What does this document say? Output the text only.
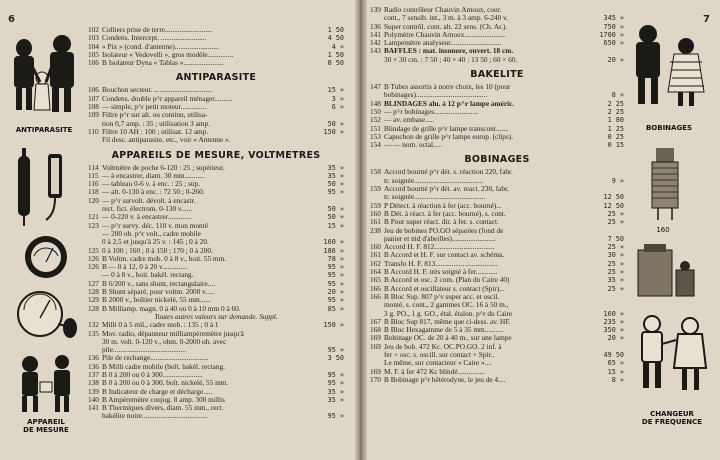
6
ANTIPARASITE
APPAREIL
DE MESURE
102 Colliers prise de terre..........................	1 50
103 Condens. Intercept. .........................	4 50
104 « Pix » (cond. d'antenne)........................	4 »
105 Isolateur « Vedovelli », gros modèle..............	1 50
106 B Isolateur Dyna « Tablas »......................	0 50
ANTIPARASITE
106 Bouchon secteur. ................................	15 »
107 Condens. double p^r appareil ménager..........	3 »
108 — simple, p^r petit moteur..............	6 »
109 Filtre p^r sur alt. ou continu, utilisa-
tion 0,7 amp. : 35 ; utilisation 3 amp.	50 »
110 Filtre 10 AH : 100 ; utilisat. 12 amp.	150 »
Fil desc. antiparasite, etc., voir « Antenne ».
APPAREILS DE MESURE, VOLTMETRES
114 Voltmètre de poche 6-120 : 25 ; supérieur.	35 »
115 — à encastrer, diam. 30 mm...........	35 »
116 — tableau 0-6 v. à enc. : 25 ; sup.	50 »
118 — alt. 0-130 à enc. : 72 50 ; 0-260.	95 »
120 — p^r survolt. dévolt. à encastr.
rect. fict. électrom. 0-130 v......	50 »
121 — 0-220 v. à encastrer.............	50 »
123 — p^r survy. déc. 110 v. mon monté	15 »
— 200 ob. p^r volt., cadre mobile
0 à 2,5 et jusqu'à 25 v. : 145 ; 0 à 20.	160 »
125 0 à 100 ; 160 ; 0 à 150 ; 170 ; 0 à 200.	186 »
126 B Voltm. cadre mob. 0 à 8 v., boit. 55 mm.	78 »
126 B — 0 à 12, 0 à 20 v..............	95 »
— 0 à 8 v., boit. bakél. rectang.	95 »
127 B 6/200 v., sans shunt, rectangulaire....	95 »
128 B Shunt séparé, pour voltm. 2000 v.....	20 »
129 B 2000 v., boîtier nickelé, 55 mm......	95 »
128 B Milliamp. magn. 0 à 40 ou 0 à 10 mm 0 à 60.	85 »
Toutes autres valeurs sur demande. Suppl.
132 Milli 0 à 5 mil., cadre mob. : 135 ; 0 à 1	150 »
135 Mov. radio, dépanneur milliampèremètre jusqu'à
30 m. volt. 0-120 v., ohm. 0-2000 oh. avec
pile........................................	95 »
136 Pile de rechange................................	3 50
136 B Milli cadre mobile (boît. bakél. rectang.
137 B 0 à 200 ou 0 à 300......................	95 »
138 B 0 à 200 ou 0 à 300, boît. nickelé, 55 mm.	95 »
139 B Indicateur de charge et décharge.....	35 »
140 B Ampèremètre coujug. 8 amp. 300 millis	35 »
141 B Thermiques divers, diam. 55 mm., rect.
bakélite noire....................................	95 »
7
139 Radio contrôleur Chauvin Arnoux, cour.
cont., 7 sensib. int., 3 m. à 3 amp. 6-240 v.	345 »
136 Super contrôl. cont. alt. 22 sens. (Ch. Ar.).	750 »
141 Polymètre Chauvin Arnoux.......................	1700 »
142 Lampemètre analyseur............................	650 »
143 BAFFLES : mat. insonore, ouvert. 18 cm.
30 × 30 cm. : 7 50 ; 40 × 40 : 13 50 ; 60 × 60.	20 »
BAKELITE
147 B Tubes assortis à notre choix, les 10 (pour
bobinages).......................................	8 »
148 BLINDAGES alu. à 12 p^r lampe améric.	2 25
150 — p^r bobinages........................	2 25
152 — av. embase.....	1 80
151 Blindage de grille p^r lampe transcont.......	1 25
153 Capuchon de grille p^r lampe europ. (clips).	0 25
154 — — nom. octal.....	0 15
BOBINAGES
158 Accord bourné p^r dét. s. réaction 220, fabr.
tr. soignée......................................	9 »
159 Accord bourné p^r dét. av. react. 230, fabr.
tr. soignée.......................................	12 50
159 P Détect. à réaction à fer (acc. bourné)...	12 50
160 B Dét. à réact. à fer (acc. bourné), s. cont.	25 »
161 B Pour super réact. dir. à fer. s. contact.	25 »
238 Jeu de bobines PO.GO séparées (fond de
panier et nid d'abeilles)........................	7 50
160 Accord H. F. 812.................................	25 »
161 B Accord et H. F. sur contact av. schéma.	30 »
162 Transfo H. F. 813..................................	25 »
164 B Accord H. F. très soigné à fer............	25 »
165 B Accord et osc. 2 com. (Plan du Caire 40)	35 »
166 B Accord et oscillateur s. contact (Spir)...	25 »
166 B Bloc Sup. 807 p^r super acc. et oscil.
monté, s. cont., 2 gammes OC. 16 à 50 m.,
3 g. PO., 1 g. GO., étal. étalon. p^r du Caire	160 »
167 B Bloc Sup 817, même que ci-dess. av. HF.	235 »
168 B Bloc Hexagamme de 5 à 35 mm..........	350 »
169 Bobinage OC. de 20 à 40 m., sur une lampe	20 »
169 Jeu de bob. 472 Kc. OC.PO.GO. 2 inf. à
fer + osc. s. oscill. sur contact + Spir..	49 50
Le même, sur contacteur « Caire »....	65 »
169 M. F. à fer 472 Kc blindé...............	15 »
170 B Bobinage p^r hétérodyne, le jeu de 4....	8 »
BOBINAGES
160
CHANGEUR
DE FREQUENCE
